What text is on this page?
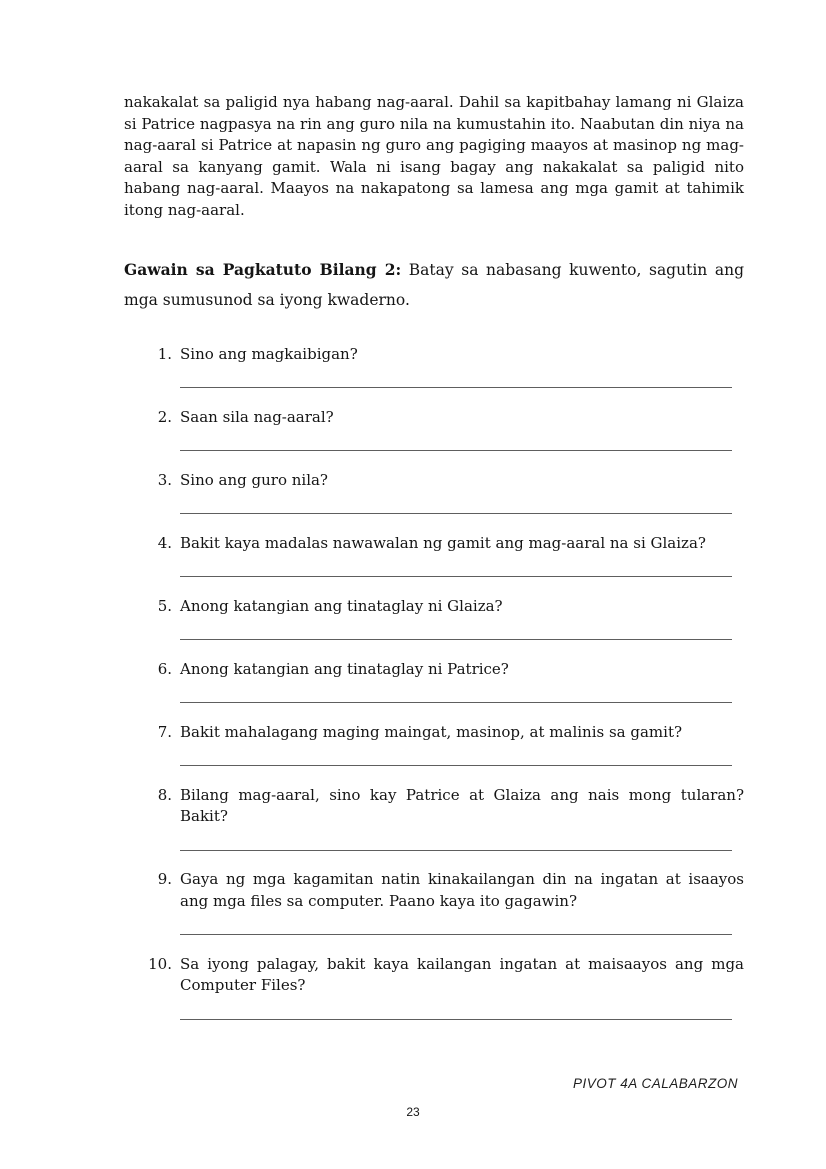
nakakalat sa paligid nya habang nag-aaral. Dahil sa kapitbahay lamang ni Glaiza si Patrice nagpasya na rin ang guro nila na kumustahin ito. Naabutan din niya na nag-aaral si Patrice at napasin ng guro ang pagiging maayos at masinop ng mag-aaral sa kanyang gamit. Wala ni isang bagay ang nakakalat sa paligid nito habang nag-aaral. Maayos na nakapatong sa lamesa ang mga gamit at tahimik itong nag-aaral.

Gawain sa Pagkatuto Bilang 2: Batay sa nabasang kuwento, sagutin ang mga sumusunod sa iyong kwaderno.

1. Sino ang magkaibigan?
2. Saan sila nag-aaral?
3. Sino ang guro nila?
4. Bakit kaya madalas nawawalan ng gamit ang mag-aaral na si Glaiza?
5. Anong katangian ang tinataglay ni Glaiza?
6. Anong katangian ang tinataglay ni Patrice?
7. Bakit mahalagang maging maingat, masinop, at malinis sa gamit?
8. Bilang mag-aaral, sino kay Patrice at Glaiza ang nais mong tularan? Bakit?
9. Gaya ng mga kagamitan natin kinakailangan din na ingatan at isaayos ang mga files sa computer. Paano kaya ito gagawin?
10. Sa iyong palagay, bakit kaya kailangan ingatan at maisaayos ang mga Computer Files?
PIVOT 4A CALABARZON
23
